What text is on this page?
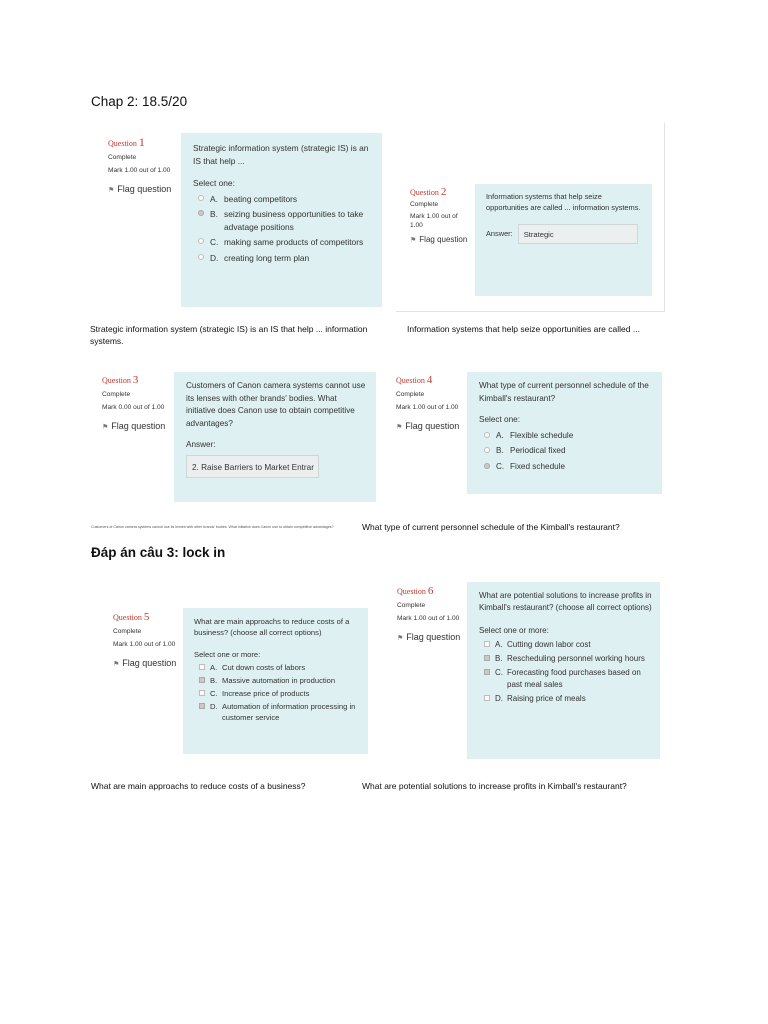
Chap 2: 18.5/20
Question 1
Complete
Mark 1.00 out of 1.00
⚑ Flag question
Strategic information system (strategic IS) is an IS that help ...
Select one:
A. beating competitors
B. seizing business opportunities to take advatage positions
C. making same products of competitors
D. creating long term plan
Question 2
Complete
Mark 1.00 out of 1.00
⚑ Flag question
Information systems that help seize opportunities are called ... information systems.
Answer:	Strategic
Strategic information system (strategic IS) is an IS that help ... information systems.
Information systems that help seize opportunities are called ...
Question 3
Complete
Mark 0.00 out of 1.00
⚑ Flag question
Customers of Canon camera systems cannot use its lenses with other brands' bodies. What initiative does Canon use to obtain competitive advantages?
Answer:
2. Raise Barriers to Market Entrar
Question 4
Complete
Mark 1.00 out of 1.00
⚑ Flag question
What type of current personnel schedule of the Kimball's restaurant?
Select one:
A. Flexible schedule
B. Periodical fixed
C. Fixed schedule
Customers of Canon camera systems cannot use its lenses with other brands' bodies. What initiative does Canon use to obtain competitive advantages?	What type of current personnel schedule of the Kimball's restaurant?
Đáp án câu 3: lock in
Question 5
Complete
Mark 1.00 out of 1.00
⚑ Flag question
What are main approachs to reduce costs of a business? (choose all correct options)
Select one or more:
A. Cut down costs of labors
B. Massive automation in production
C. Increase price of products
D. Automation of information processing in customer service
Question 6
Complete
Mark 1.00 out of 1.00
⚑ Flag question
What are potential solutions to increase profits in Kimball's restaurant? (choose all correct options)
Select one or more:
A. Cutting down labor cost
B. Rescheduling personnel working hours
C. Forecasting food purchases based on past meal sales
D. Raising price of meals
What are main approachs to reduce costs of a business?	What are potential solutions to increase profits in Kimball's restaurant?
